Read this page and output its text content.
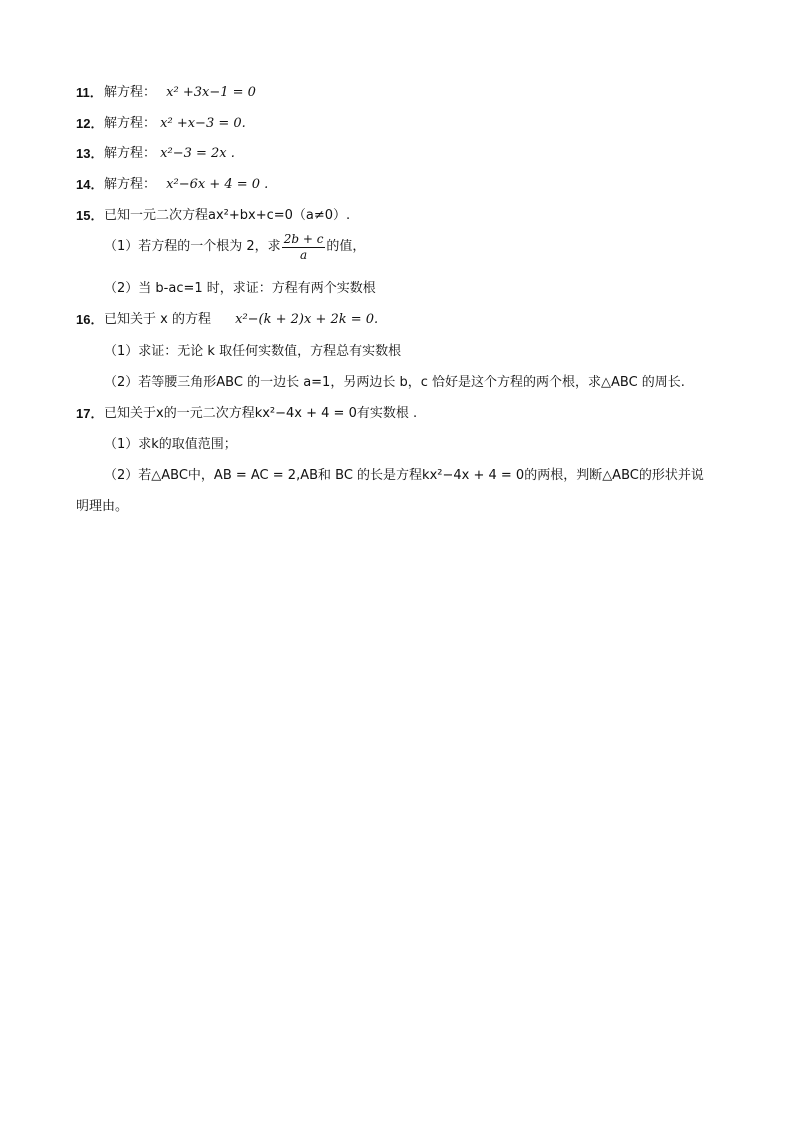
11． 解方程： x² +3x−1 = 0
12． 解方程： x² +x−3 = 0.
13． 解方程： x²−3 = 2x .
14． 解方程： x²−6x + 4 = 0 .
15． 已知一元二次方程ax²+bx+c=0（a≠0）.
（1）若方程的一个根为 2，求 $\frac{2b + c}{a}$ 的值，
（2）当 b-ac=1 时，求证：方程有两个实数根
16． 已知关于 x 的方程 x²−(k + 2)x + 2k = 0.
（1）求证：无论 k 取任何实数值，方程总有实数根
（2）若等腰三角形ABC 的一边长 a=1，另两边长 b，c 恰好是这个方程的两个根，求△ABC 的周长.
17． 已知关于x的一元二次方程kx²−4x + 4 = 0有实数根 .
（1）求k的取值范围；
（2）若△ABC中，AB = AC = 2,AB和 BC 的长是方程kx²−4x + 4 = 0的两根，判断△ABC的形状并说
明理由。
